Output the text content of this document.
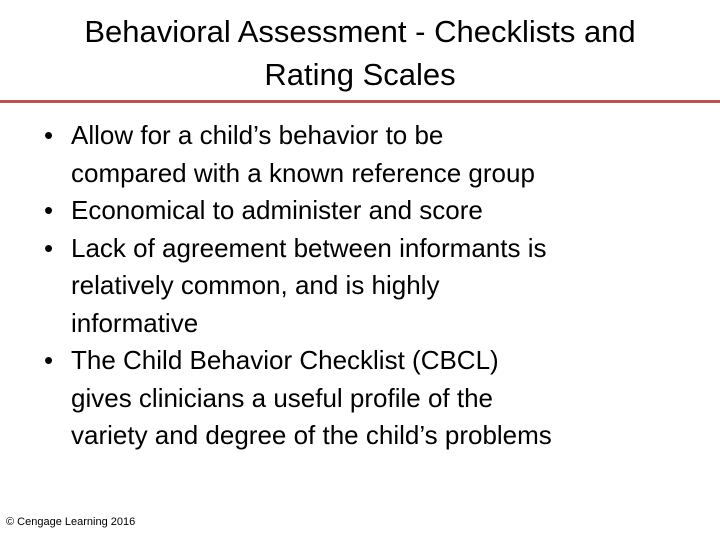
Behavioral Assessment - Checklists and
Rating Scales
• Allow for a child’s behavior to be
compared with a known reference group
• Economical to administer and score
• Lack of agreement between informants is
relatively common, and is highly
informative
• The Child Behavior Checklist (CBCL)
gives clinicians a useful profile of the
variety and degree of the child’s problems
© Cengage Learning 2016
